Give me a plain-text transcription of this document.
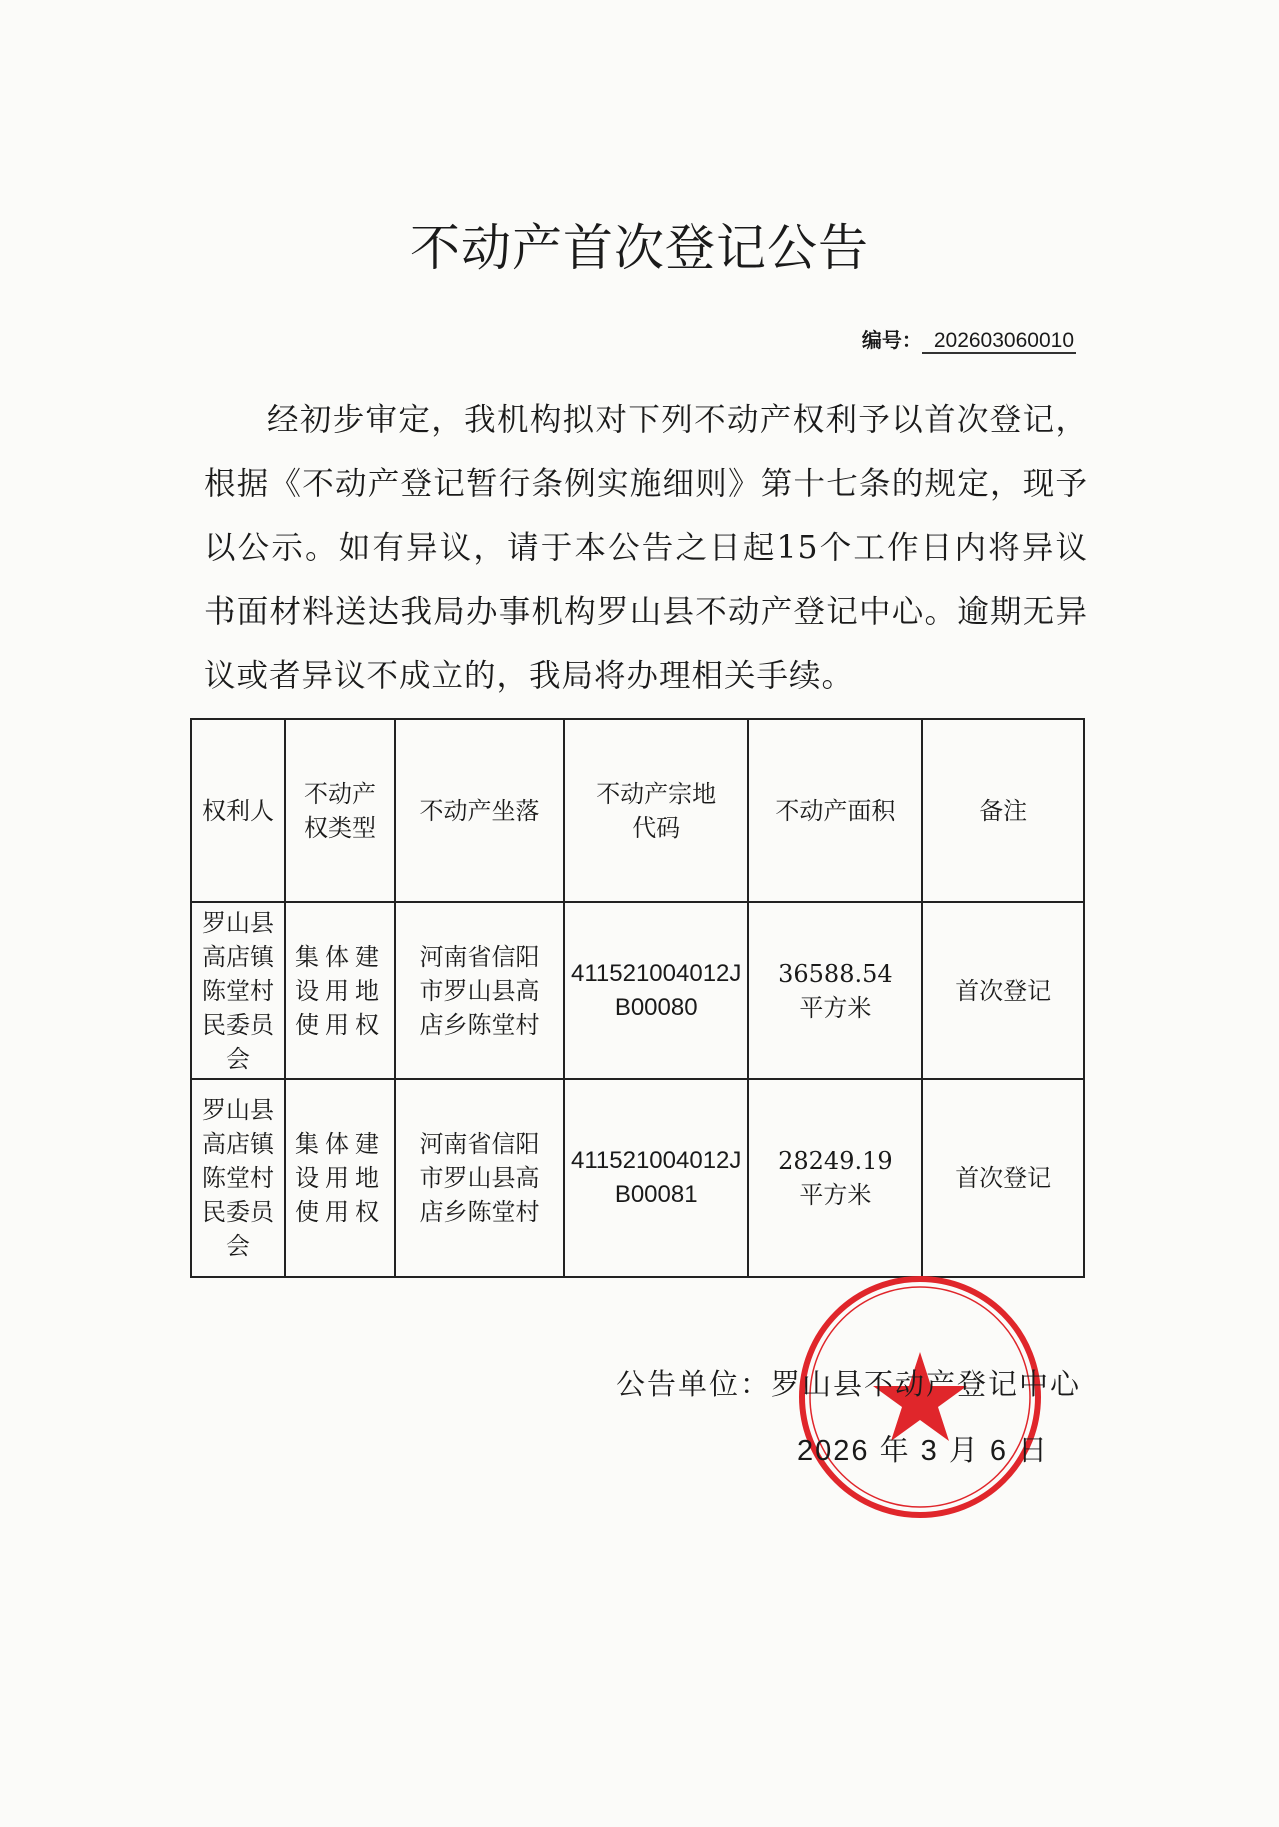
不动产首次登记公告
编号： 202603060010
经初步审定，我机构拟对下列不动产权利予以首次登记，根据《不动产登记暂行条例实施细则》第十七条的规定，现予以公示。如有异议，请于本公告之日起15个工作日内将异议书面材料送达我局办事机构罗山县不动产登记中心。逾期无异议或者异议不成立的，我局将办理相关手续。
权利人	不动产权类型	不动产坐落	不动产宗地代码	不动产面积	备注

罗山县高店镇陈堂村民委员会	集体建设用地使用权	河南省信阳市罗山县高店乡陈堂村	411521004012JB00080	36588.54平方米	首次登记

罗山县高店镇陈堂村民委员会	集体建设用地使用权	河南省信阳市罗山县高店乡陈堂村	411521004012JB00081	28249.19平方米	首次登记
公告单位：罗山县不动产登记中心
2026 年 3 月 6 日
